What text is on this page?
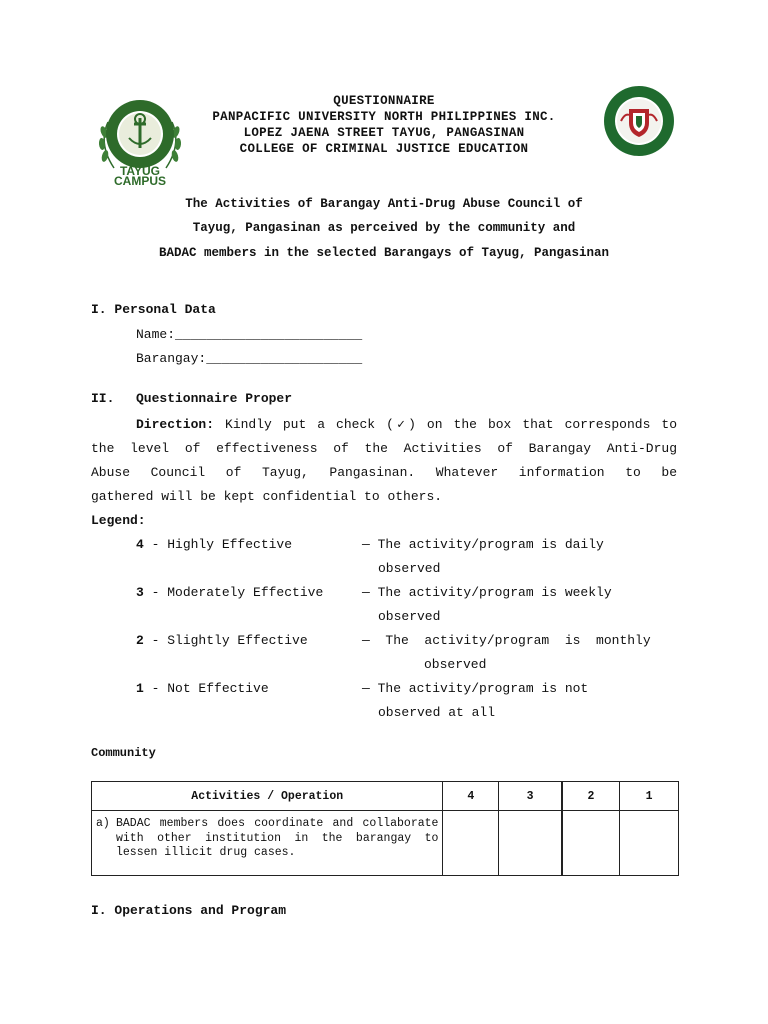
TAYUG
CAMPUS
QUESTIONNAIRE
PANPACIFIC UNIVERSITY NORTH PHILIPPINES INC.
LOPEZ JAENA STREET TAYUG, PANGASINAN
COLLEGE OF CRIMINAL JUSTICE EDUCATION
The Activities of Barangay Anti-Drug Abuse Council of
Tayug, Pangasinan as perceived by the community and
BADAC members in the selected Barangays of Tayug, Pangasinan
I. Personal Data
Name:________________________
Barangay:____________________
II. Questionnaire Proper
Direction: Kindly put a check (✓) on the box that corresponds to
the level of effectiveness of the Activities of Barangay Anti-Drug
Abuse Council of Tayug, Pangasinan. Whatever information to be
gathered will be kept confidential to others.
Legend:
4 - Highly Effective	— The activity/program is daily
observed
3 - Moderately Effective	— The activity/program is weekly
observed
2 - Slightly Effective	—  The  activity/program  is  monthly
observed
1 - Not Effective	— The activity/program is not
observed at all
Community
Activities / Operation	4	3	2	1

a) BADAC members does coordinate and collaborate with other institution in the barangay to lessen illicit drug cases.				

I. Operations and Program
